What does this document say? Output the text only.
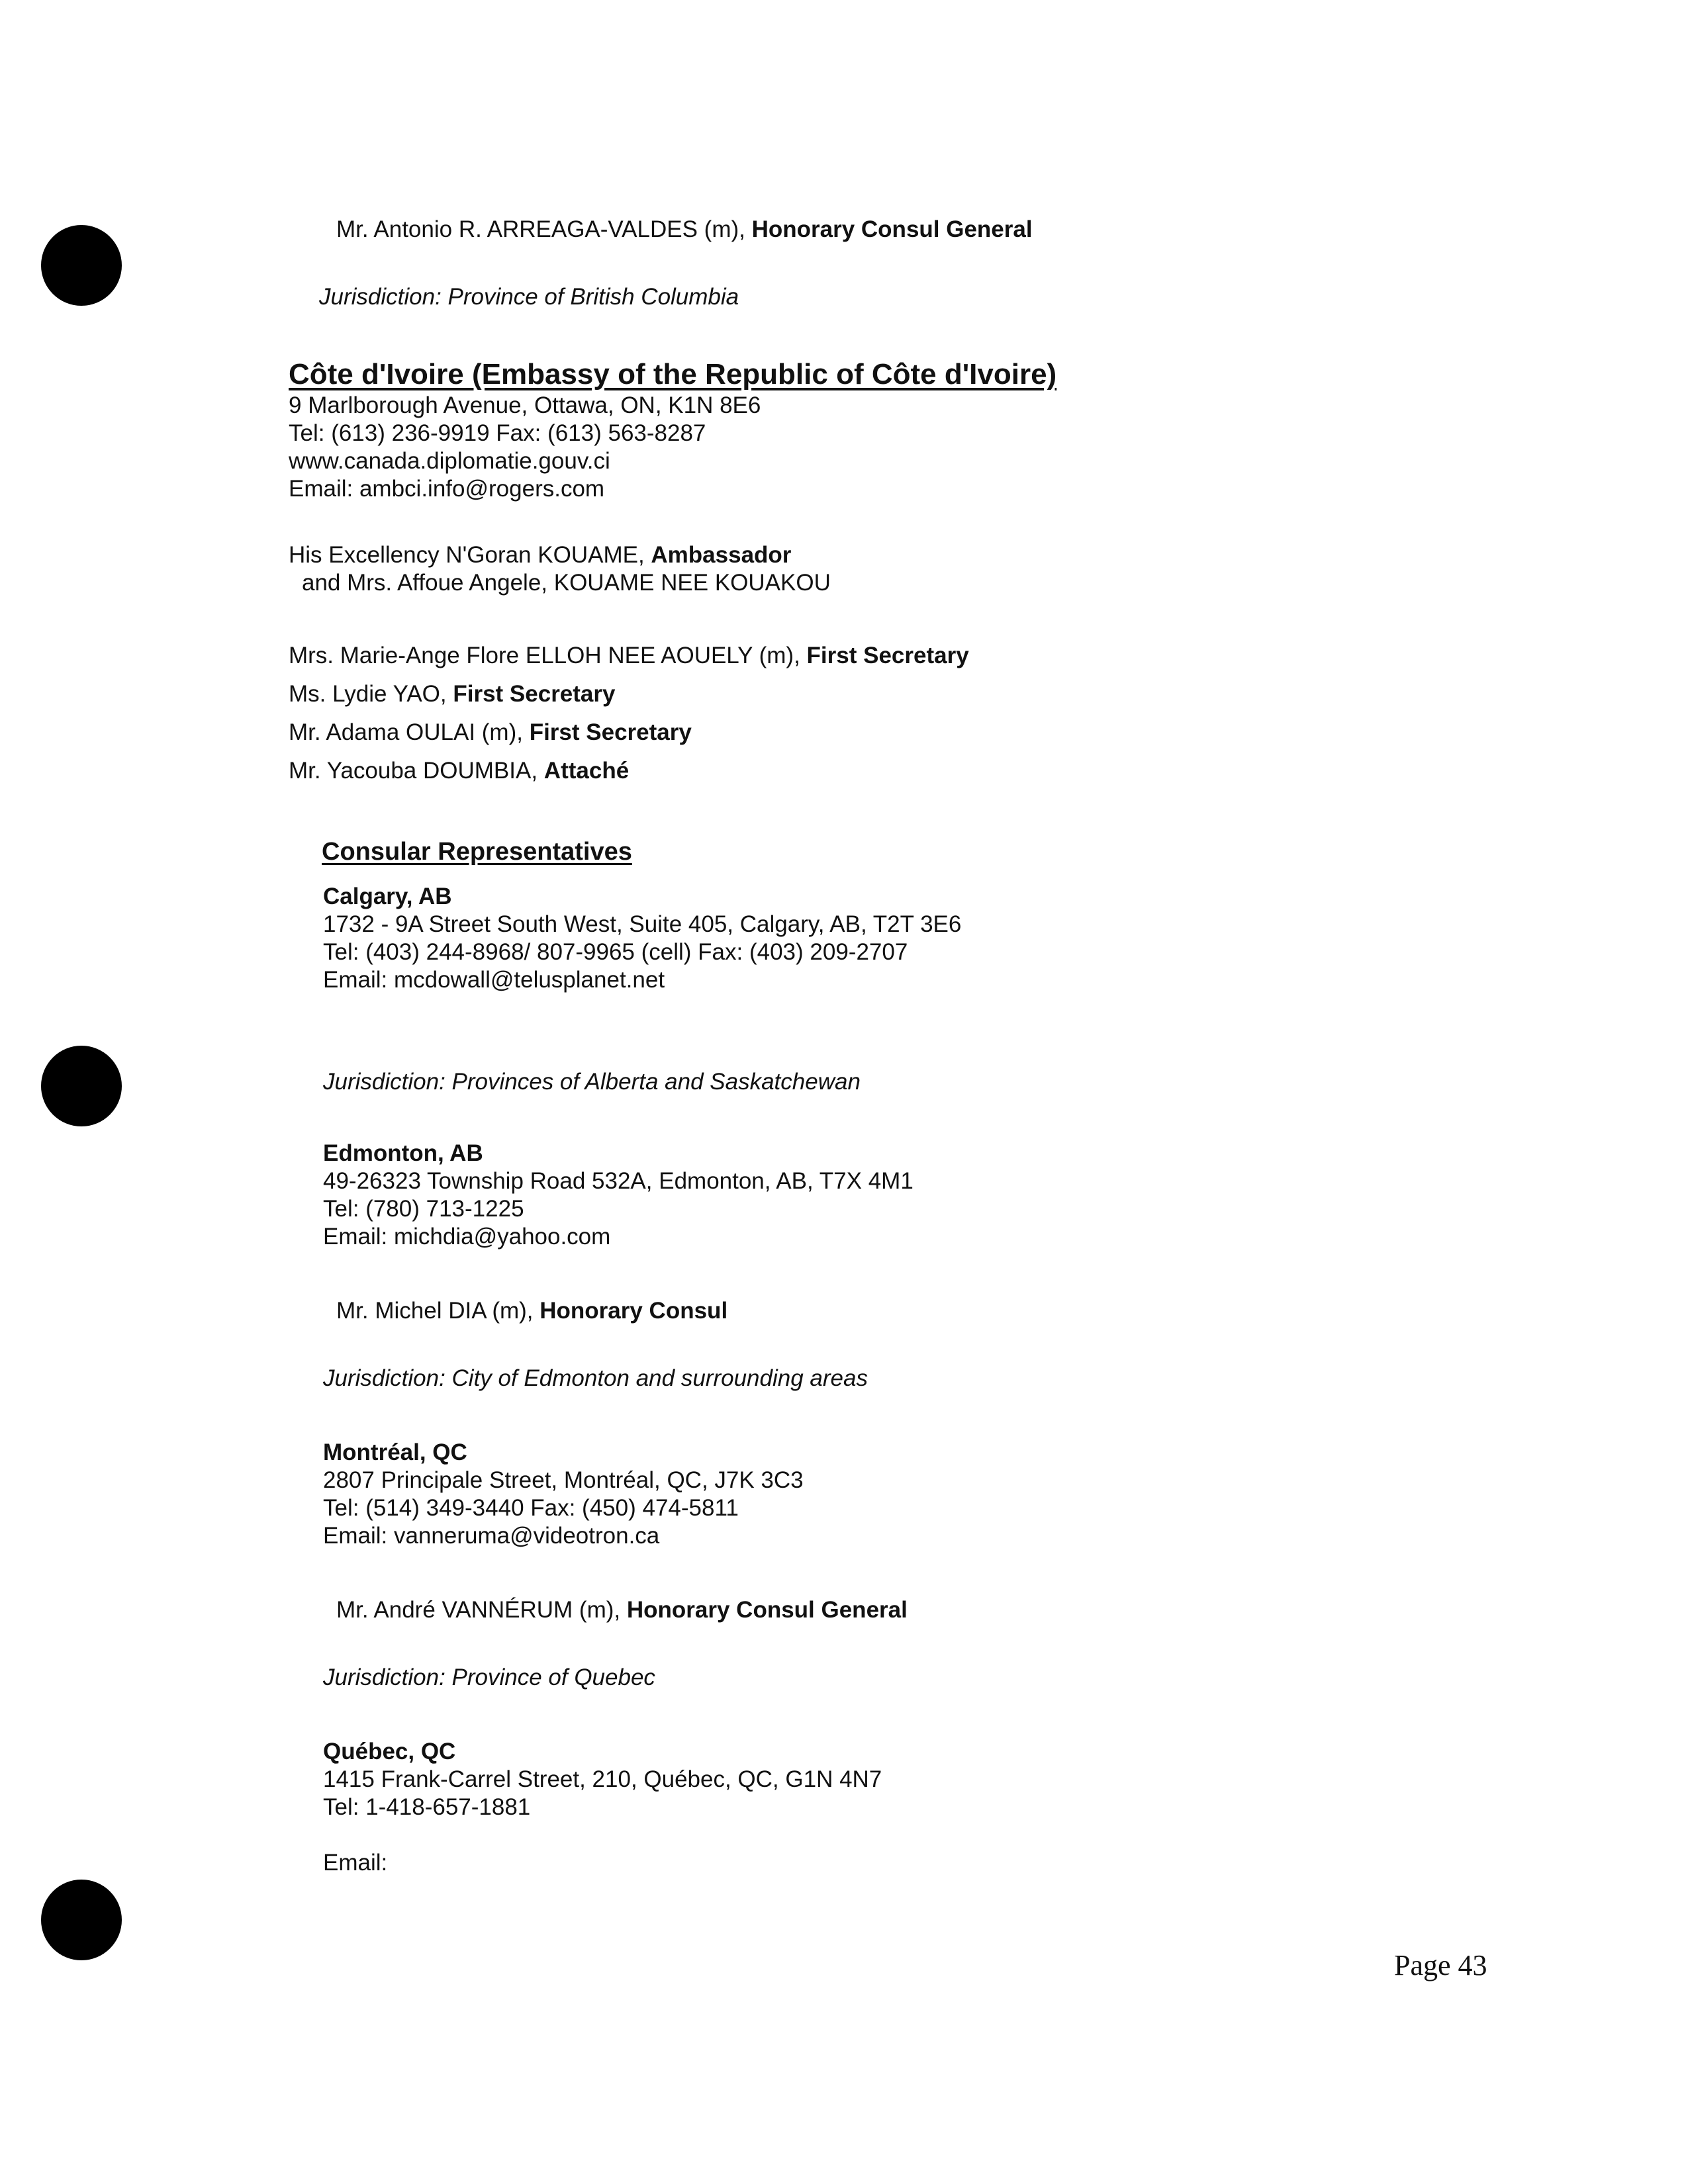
Mr. Antonio R. ARREAGA-VALDES (m), Honorary Consul General
Jurisdiction: Province of British Columbia
Côte d'Ivoire (Embassy of the Republic of Côte d'Ivoire)
9 Marlborough Avenue, Ottawa, ON, K1N 8E6
Tel: (613) 236-9919 Fax: (613) 563-8287
www.canada.diplomatie.gouv.ci
Email: ambci.info@rogers.com
His Excellency N'Goran KOUAME, Ambassador
and Mrs. Affoue Angele, KOUAME NEE KOUAKOU
Mrs. Marie-Ange Flore ELLOH NEE AOUELY (m), First Secretary
Ms. Lydie YAO, First Secretary
Mr. Adama OULAI (m), First Secretary
Mr. Yacouba DOUMBIA, Attaché
Consular Representatives
Calgary, AB
1732 - 9A Street South West, Suite 405, Calgary, AB, T2T 3E6
Tel: (403) 244-8968/ 807-9965 (cell) Fax: (403) 209-2707
Email: mcdowall@telusplanet.net
Jurisdiction: Provinces of Alberta and Saskatchewan
Edmonton, AB
49-26323 Township Road 532A, Edmonton, AB, T7X 4M1
Tel: (780) 713-1225
Email: michdia@yahoo.com
Mr. Michel DIA (m), Honorary Consul
Jurisdiction: City of Edmonton and surrounding areas
Montréal, QC
2807 Principale Street, Montréal, QC, J7K 3C3
Tel: (514) 349-3440 Fax: (450) 474-5811
Email: vanneruma@videotron.ca
Mr. André VANNÉRUM (m), Honorary Consul General
Jurisdiction: Province of Quebec
Québec, QC
1415 Frank-Carrel Street, 210, Québec, QC, G1N 4N7
Tel: 1-418-657-1881
Email:
Page 43
